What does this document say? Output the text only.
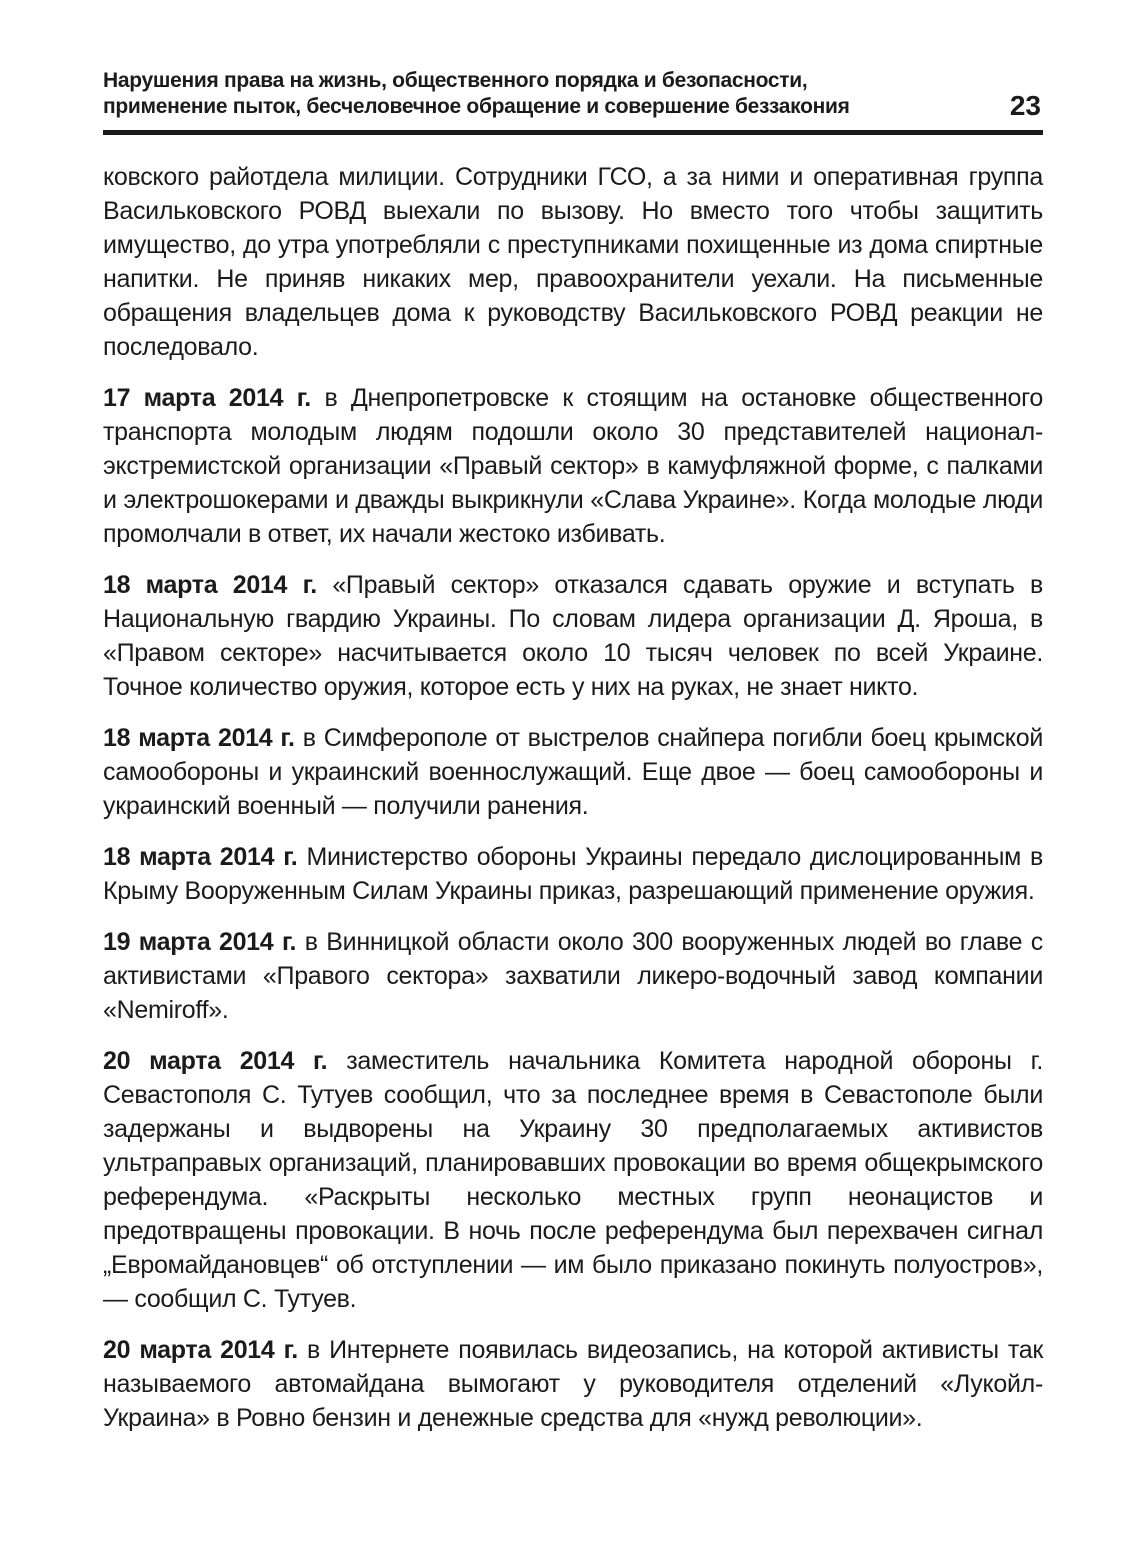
Нарушения права на жизнь, общественного порядка и безопасности,
применение пыток, бесчеловечное обращение и совершение беззакония	23

ковского райотдела милиции. Сотрудники ГСО, а за ними и оперативная группа Васильковского РОВД выехали по вызову. Но вместо того чтобы защитить имущество, до утра употребляли с преступниками похищенные из дома спиртные напитки. Не приняв никаких мер, правоохранители уехали. На письменные обращения владельцев дома к руководству Васильковского РОВД реакции не последовало.

17 марта 2014 г. в Днепропетровске к стоящим на остановке общественного транспорта молодым людям подошли около 30 представителей национал-экстремистской организации «Правый сектор» в камуфляжной форме, с палками и электрошокерами и дважды выкрикнули «Слава Украине». Когда молодые люди промолчали в ответ, их начали жестоко избивать.

18 марта 2014 г. «Правый сектор» отказался сдавать оружие и вступать в Национальную гвардию Украины. По словам лидера организации Д. Яроша, в «Правом секторе» насчитывается около 10 тысяч человек по всей Украине. Точное количество оружия, которое есть у них на руках, не знает никто.

18 марта 2014 г. в Симферополе от выстрелов снайпера погибли боец крымской самообороны и украинский военнослужащий. Еще двое — боец самообороны и украинский военный — получили ранения.

18 марта 2014 г. Министерство обороны Украины передало дислоцированным в Крыму Вооруженным Силам Украины приказ, разрешающий применение оружия.

19 марта 2014 г. в Винницкой области около 300 вооруженных людей во главе с активистами «Правого сектора» захватили ликеро-водочный завод компании «Nemiroff».

20 марта 2014 г. заместитель начальника Комитета народной обороны г. Севастополя С. Тутуев сообщил, что за последнее время в Севастополе были задержаны и выдворены на Украину 30 предполагаемых активистов ультраправых организаций, планировавших провокации во время общекрымского референдума. «Раскрыты несколько местных групп неонацистов и предотвращены провокации. В ночь после референдума был перехвачен сигнал „Евромайдановцев“ об отступлении — им было приказано покинуть полуостров», — сообщил С. Тутуев.

20 марта 2014 г. в Интернете появилась видеозапись, на которой активисты так называемого автомайдана вымогают у руководителя отделений «Лукойл-Украина» в Ровно бензин и денежные средства для «нужд революции».
